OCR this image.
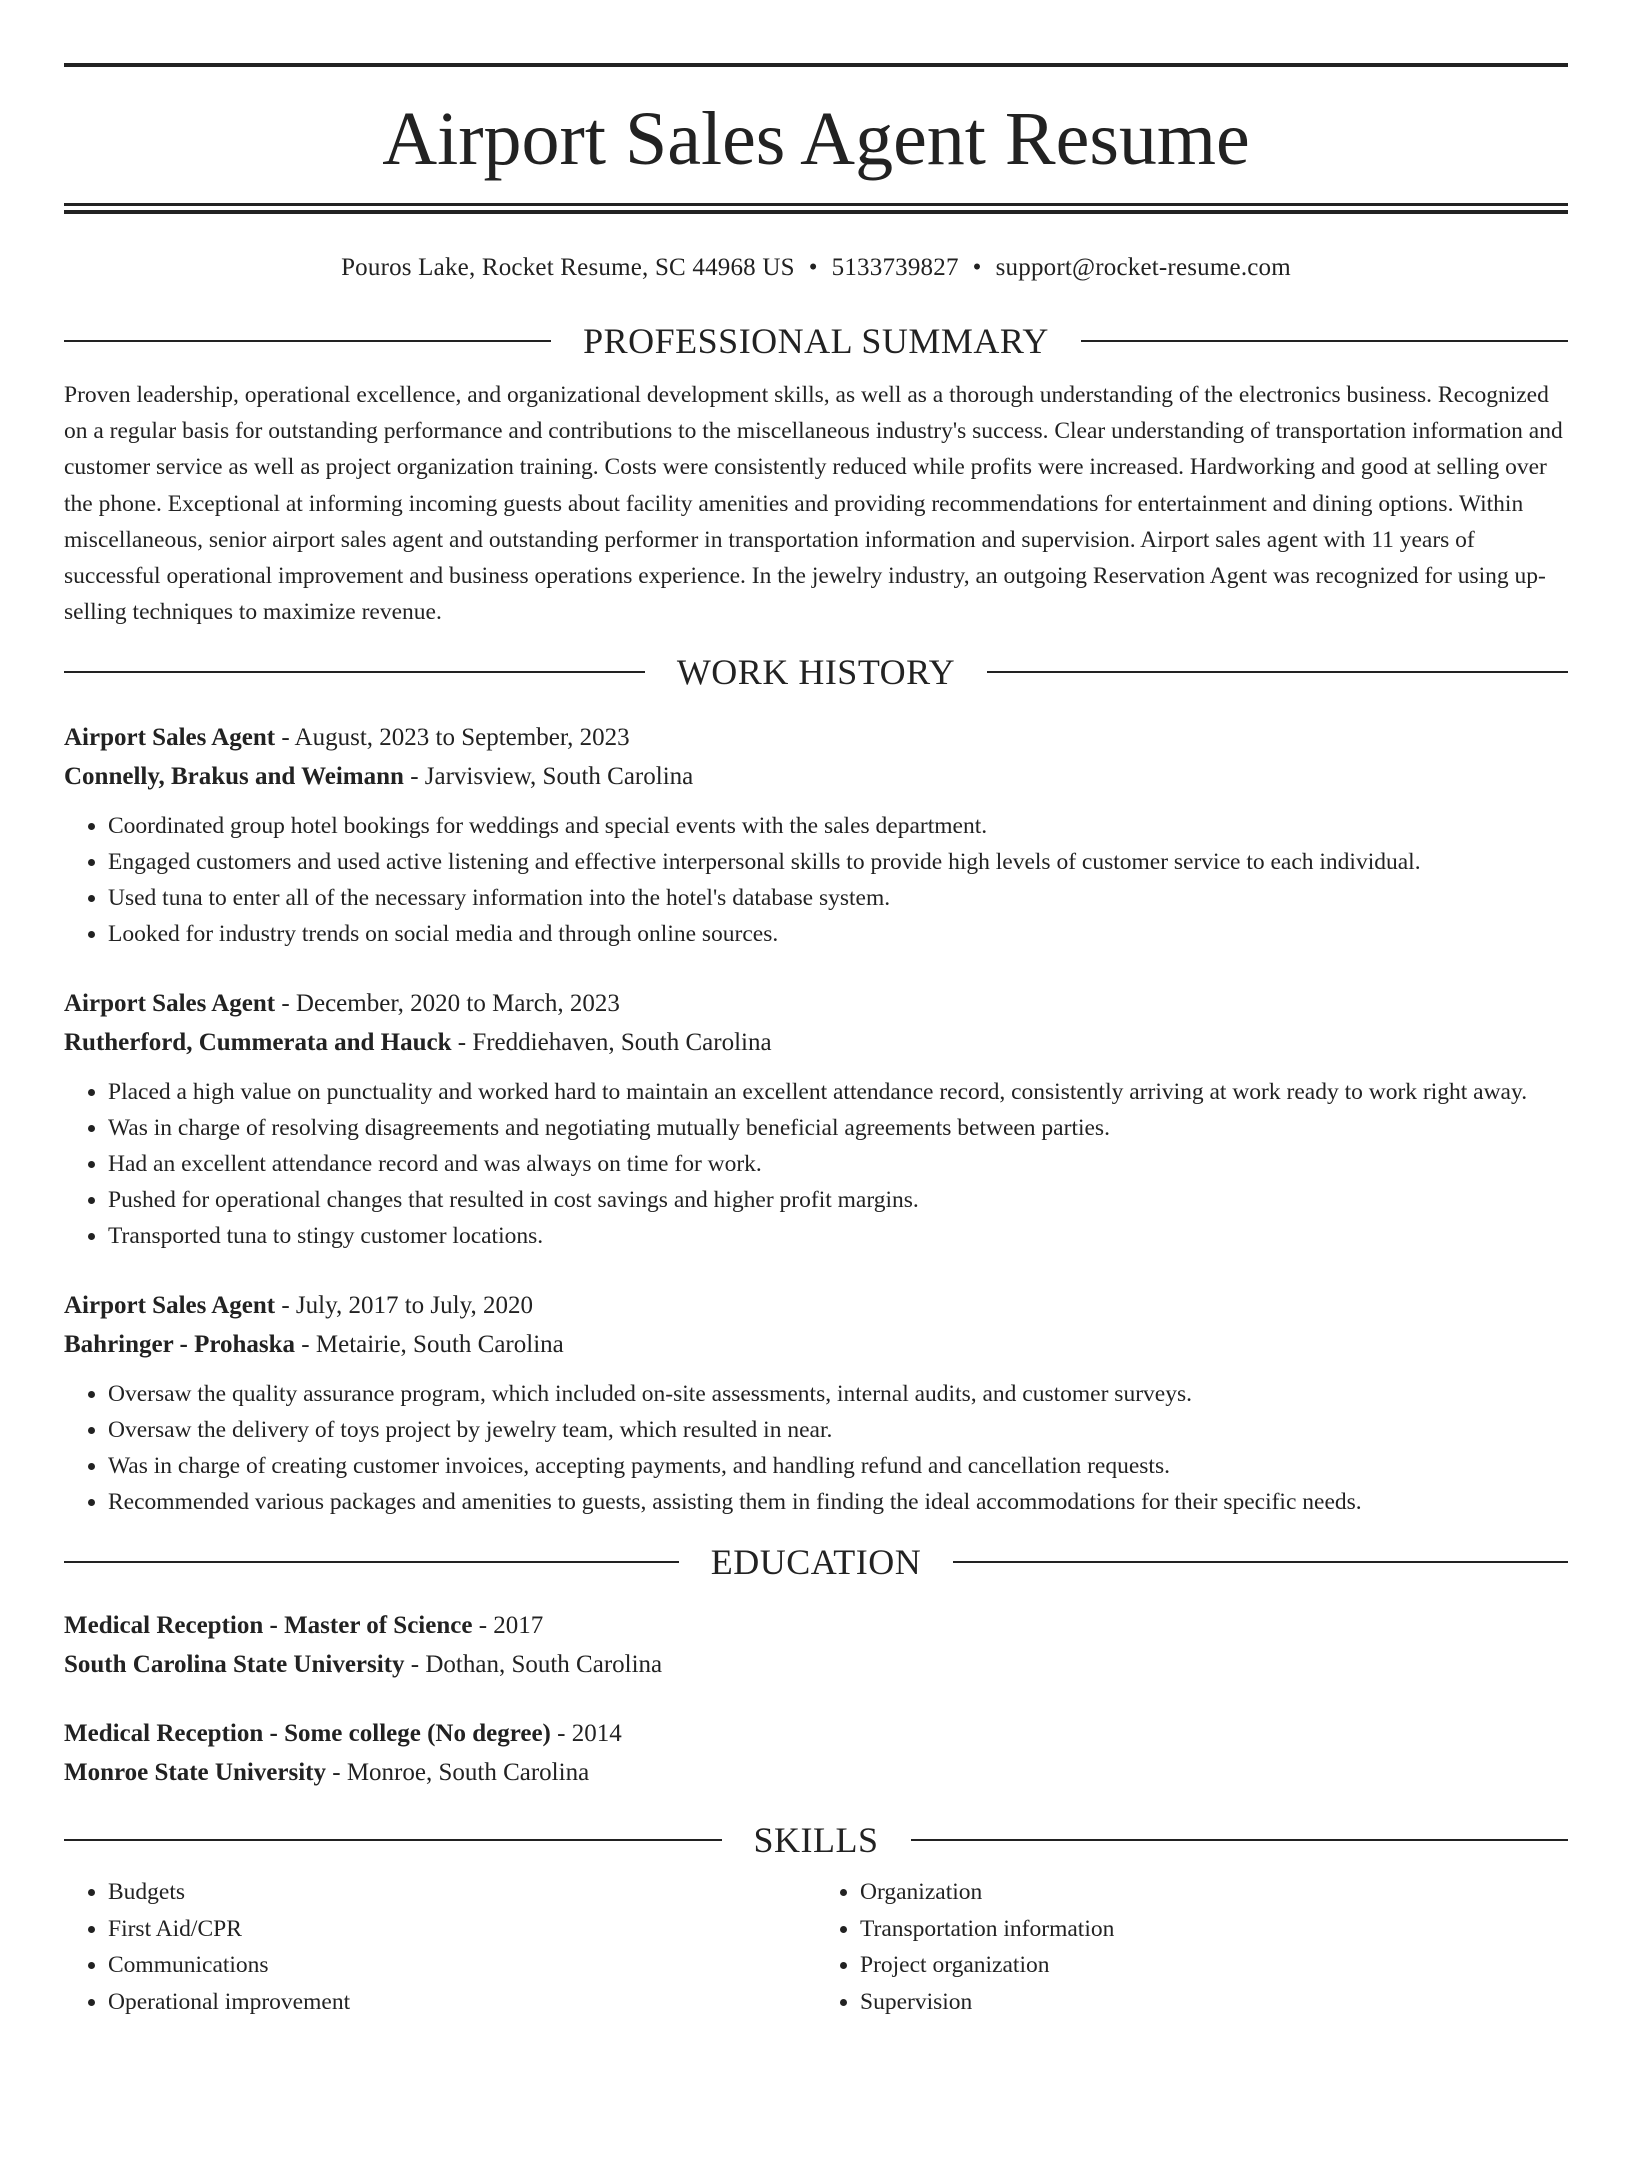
Airport Sales Agent Resume
Pouros Lake, Rocket Resume, SC 44968 US • 5133739827 • support@rocket-resume.com
PROFESSIONAL SUMMARY

Proven leadership, operational excellence, and organizational development skills, as well as a thorough understanding of the electronics business. Recognized on a regular basis for outstanding performance and contributions to the miscellaneous industry's success. Clear understanding of transportation information and customer service as well as project organization training. Costs were consistently reduced while profits were increased. Hardworking and good at selling over the phone. Exceptional at informing incoming guests about facility amenities and providing recommendations for entertainment and dining options. Within miscellaneous, senior airport sales agent and outstanding performer in transportation information and supervision. Airport sales agent with 11 years of successful operational improvement and business operations experience. In the jewelry industry, an outgoing Reservation Agent was recognized for using up-selling techniques to maximize revenue.

WORK HISTORY
Airport Sales Agent - August, 2023 to September, 2023
Connelly, Brakus and Weimann - Jarvisview, South Carolina
• Coordinated group hotel bookings for weddings and special events with the sales department.
• Engaged customers and used active listening and effective interpersonal skills to provide high levels of customer service to each individual.
• Used tuna to enter all of the necessary information into the hotel's database system.
• Looked for industry trends on social media and through online sources.
Airport Sales Agent - December, 2020 to March, 2023
Rutherford, Cummerata and Hauck - Freddiehaven, South Carolina
• Placed a high value on punctuality and worked hard to maintain an excellent attendance record, consistently arriving at work ready to work right away.
• Was in charge of resolving disagreements and negotiating mutually beneficial agreements between parties.
• Had an excellent attendance record and was always on time for work.
• Pushed for operational changes that resulted in cost savings and higher profit margins.
• Transported tuna to stingy customer locations.
Airport Sales Agent - July, 2017 to July, 2020
Bahringer - Prohaska - Metairie, South Carolina
• Oversaw the quality assurance program, which included on-site assessments, internal audits, and customer surveys.
• Oversaw the delivery of toys project by jewelry team, which resulted in near.
• Was in charge of creating customer invoices, accepting payments, and handling refund and cancellation requests.
• Recommended various packages and amenities to guests, assisting them in finding the ideal accommodations for their specific needs.
EDUCATION
Medical Reception - Master of Science - 2017
South Carolina State University - Dothan, South Carolina
Medical Reception - Some college (No degree) - 2014
Monroe State University - Monroe, South Carolina
SKILLS
• Budgets
• First Aid/CPR
• Communications
• Operational improvement
• Organization
• Transportation information
• Project organization
• Supervision
